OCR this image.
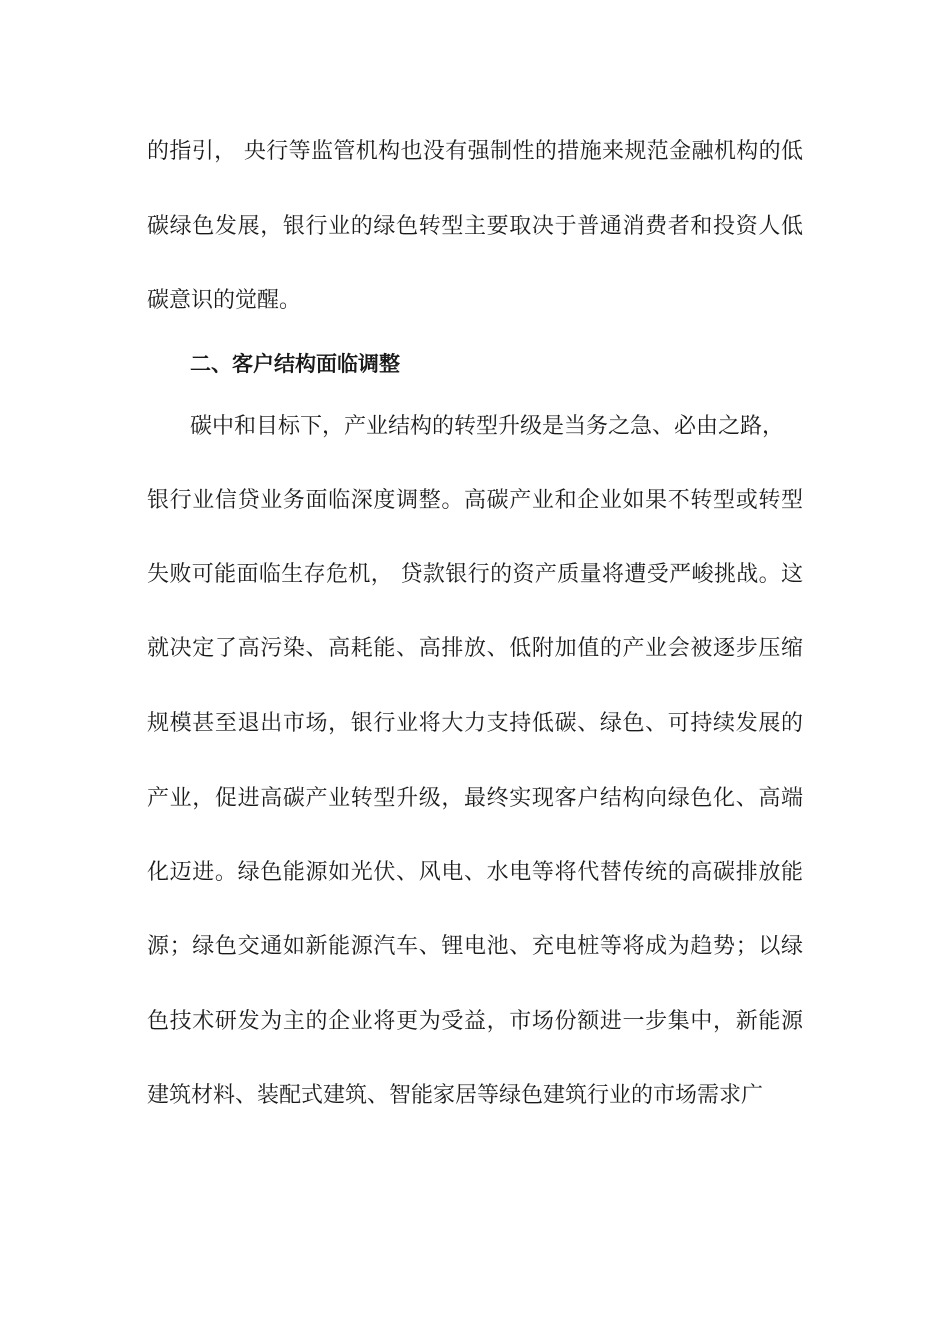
的指引， 央行等监管机构也没有强制性的措施来规范金融机构的低
碳绿色发展，银行业的绿色转型主要取决于普通消费者和投资人低
碳意识的觉醒。
二、客户结构面临调整
碳中和目标下，产业结构的转型升级是当务之急、必由之路，
银行业信贷业务面临深度调整。高碳产业和企业如果不转型或转型
失败可能面临生存危机， 贷款银行的资产质量将遭受严峻挑战。这
就决定了高污染、高耗能、高排放、低附加值的产业会被逐步压缩
规模甚至退出市场，银行业将大力支持低碳、绿色、可持续发展的
产业，促进高碳产业转型升级，最终实现客户结构向绿色化、高端
化迈进。绿色能源如光伏、风电、水电等将代替传统的高碳排放能
源；绿色交通如新能源汽车、锂电池、充电桩等将成为趋势；以绿
色技术研发为主的企业将更为受益，市场份额进一步集中，新能源
建筑材料、装配式建筑、智能家居等绿色建筑行业的市场需求广
